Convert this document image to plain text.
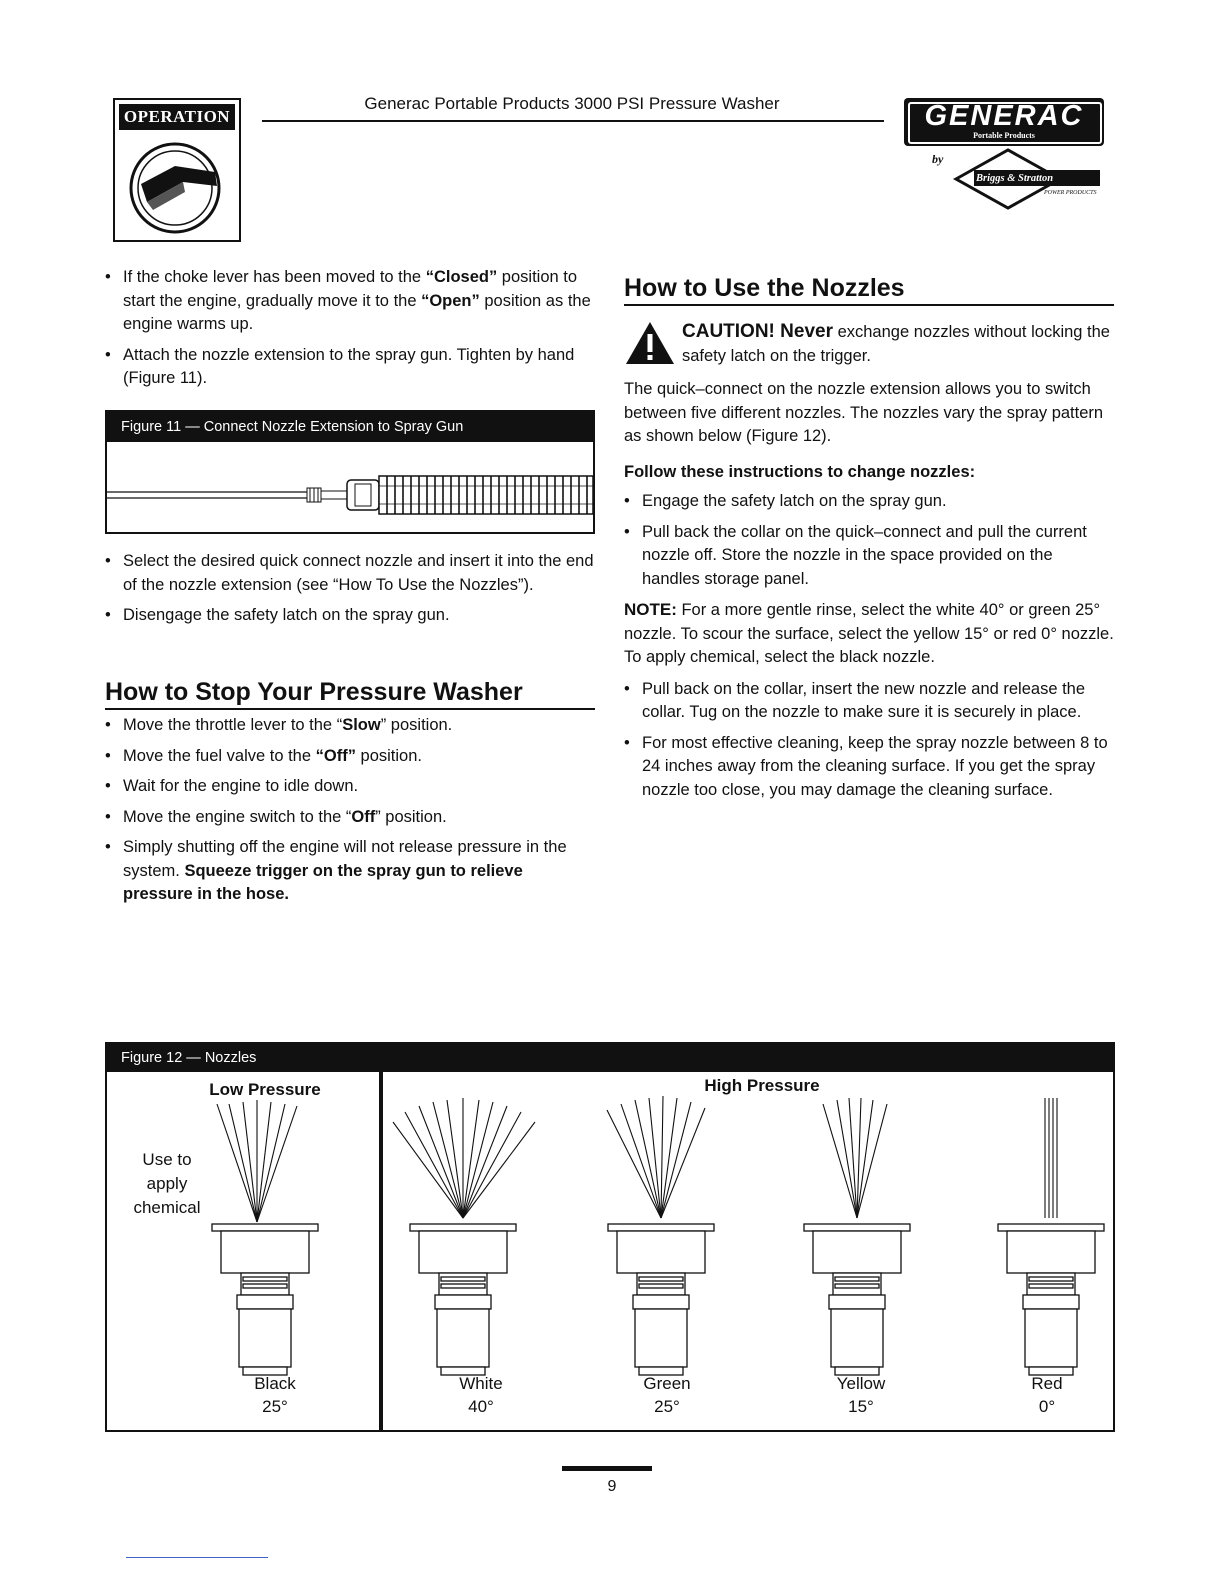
OPERATION
Generac Portable Products 3000 PSI Pressure Washer	GENERAC
Portable Products
by
Briggs & Stratton
POWER PRODUCTS
• If the choke lever has been moved to the “Closed” position to start the engine, gradually move it to the “Open” position as the engine warms up.
• Attach the nozzle extension to the spray gun. Tighten by hand (Figure 11).
Figure 11 — Connect Nozzle Extension to Spray Gun
• Select the desired quick connect nozzle and insert it into the end of the nozzle extension (see “How To Use the Nozzles”).
• Disengage the safety latch on the spray gun.
How to Stop Your Pressure Washer
• Move the throttle lever to the “Slow” position.
• Move the fuel valve to the “Off” position.
• Wait for the engine to idle down.
• Move the engine switch to the “Off” position.
• Simply shutting off the engine will not release pressure in the system. Squeeze trigger on the spray gun to relieve pressure in the hose.
How to Use the Nozzles
CAUTION! Never exchange nozzles without locking the safety latch on the trigger.
The quick–connect on the nozzle extension allows you to switch between five different nozzles. The nozzles vary the spray pattern as shown below (Figure 12).
Follow these instructions to change nozzles:
• Engage the safety latch on the spray gun.
• Pull back the collar on the quick–connect and pull the current nozzle off. Store the nozzle in the space provided on the handles storage panel.
NOTE: For a more gentle rinse, select the white 40° or green 25° nozzle. To scour the surface, select the yellow 15° or red 0° nozzle. To apply chemical, select the black nozzle.
• Pull back on the collar, insert the new nozzle and release the collar. Tug on the nozzle to make sure it is securely in place.
• For most effective cleaning, keep the spray nozzle between 8 to 24 inches away from the cleaning surface. If you get the spray nozzle too close, you may damage the cleaning surface.
Figure 12 — Nozzles
Low Pressure	High Pressure
Use to
apply
chemical
Black
25°
White
40°
Green
25°
Yellow
15°
Red
0°
9
